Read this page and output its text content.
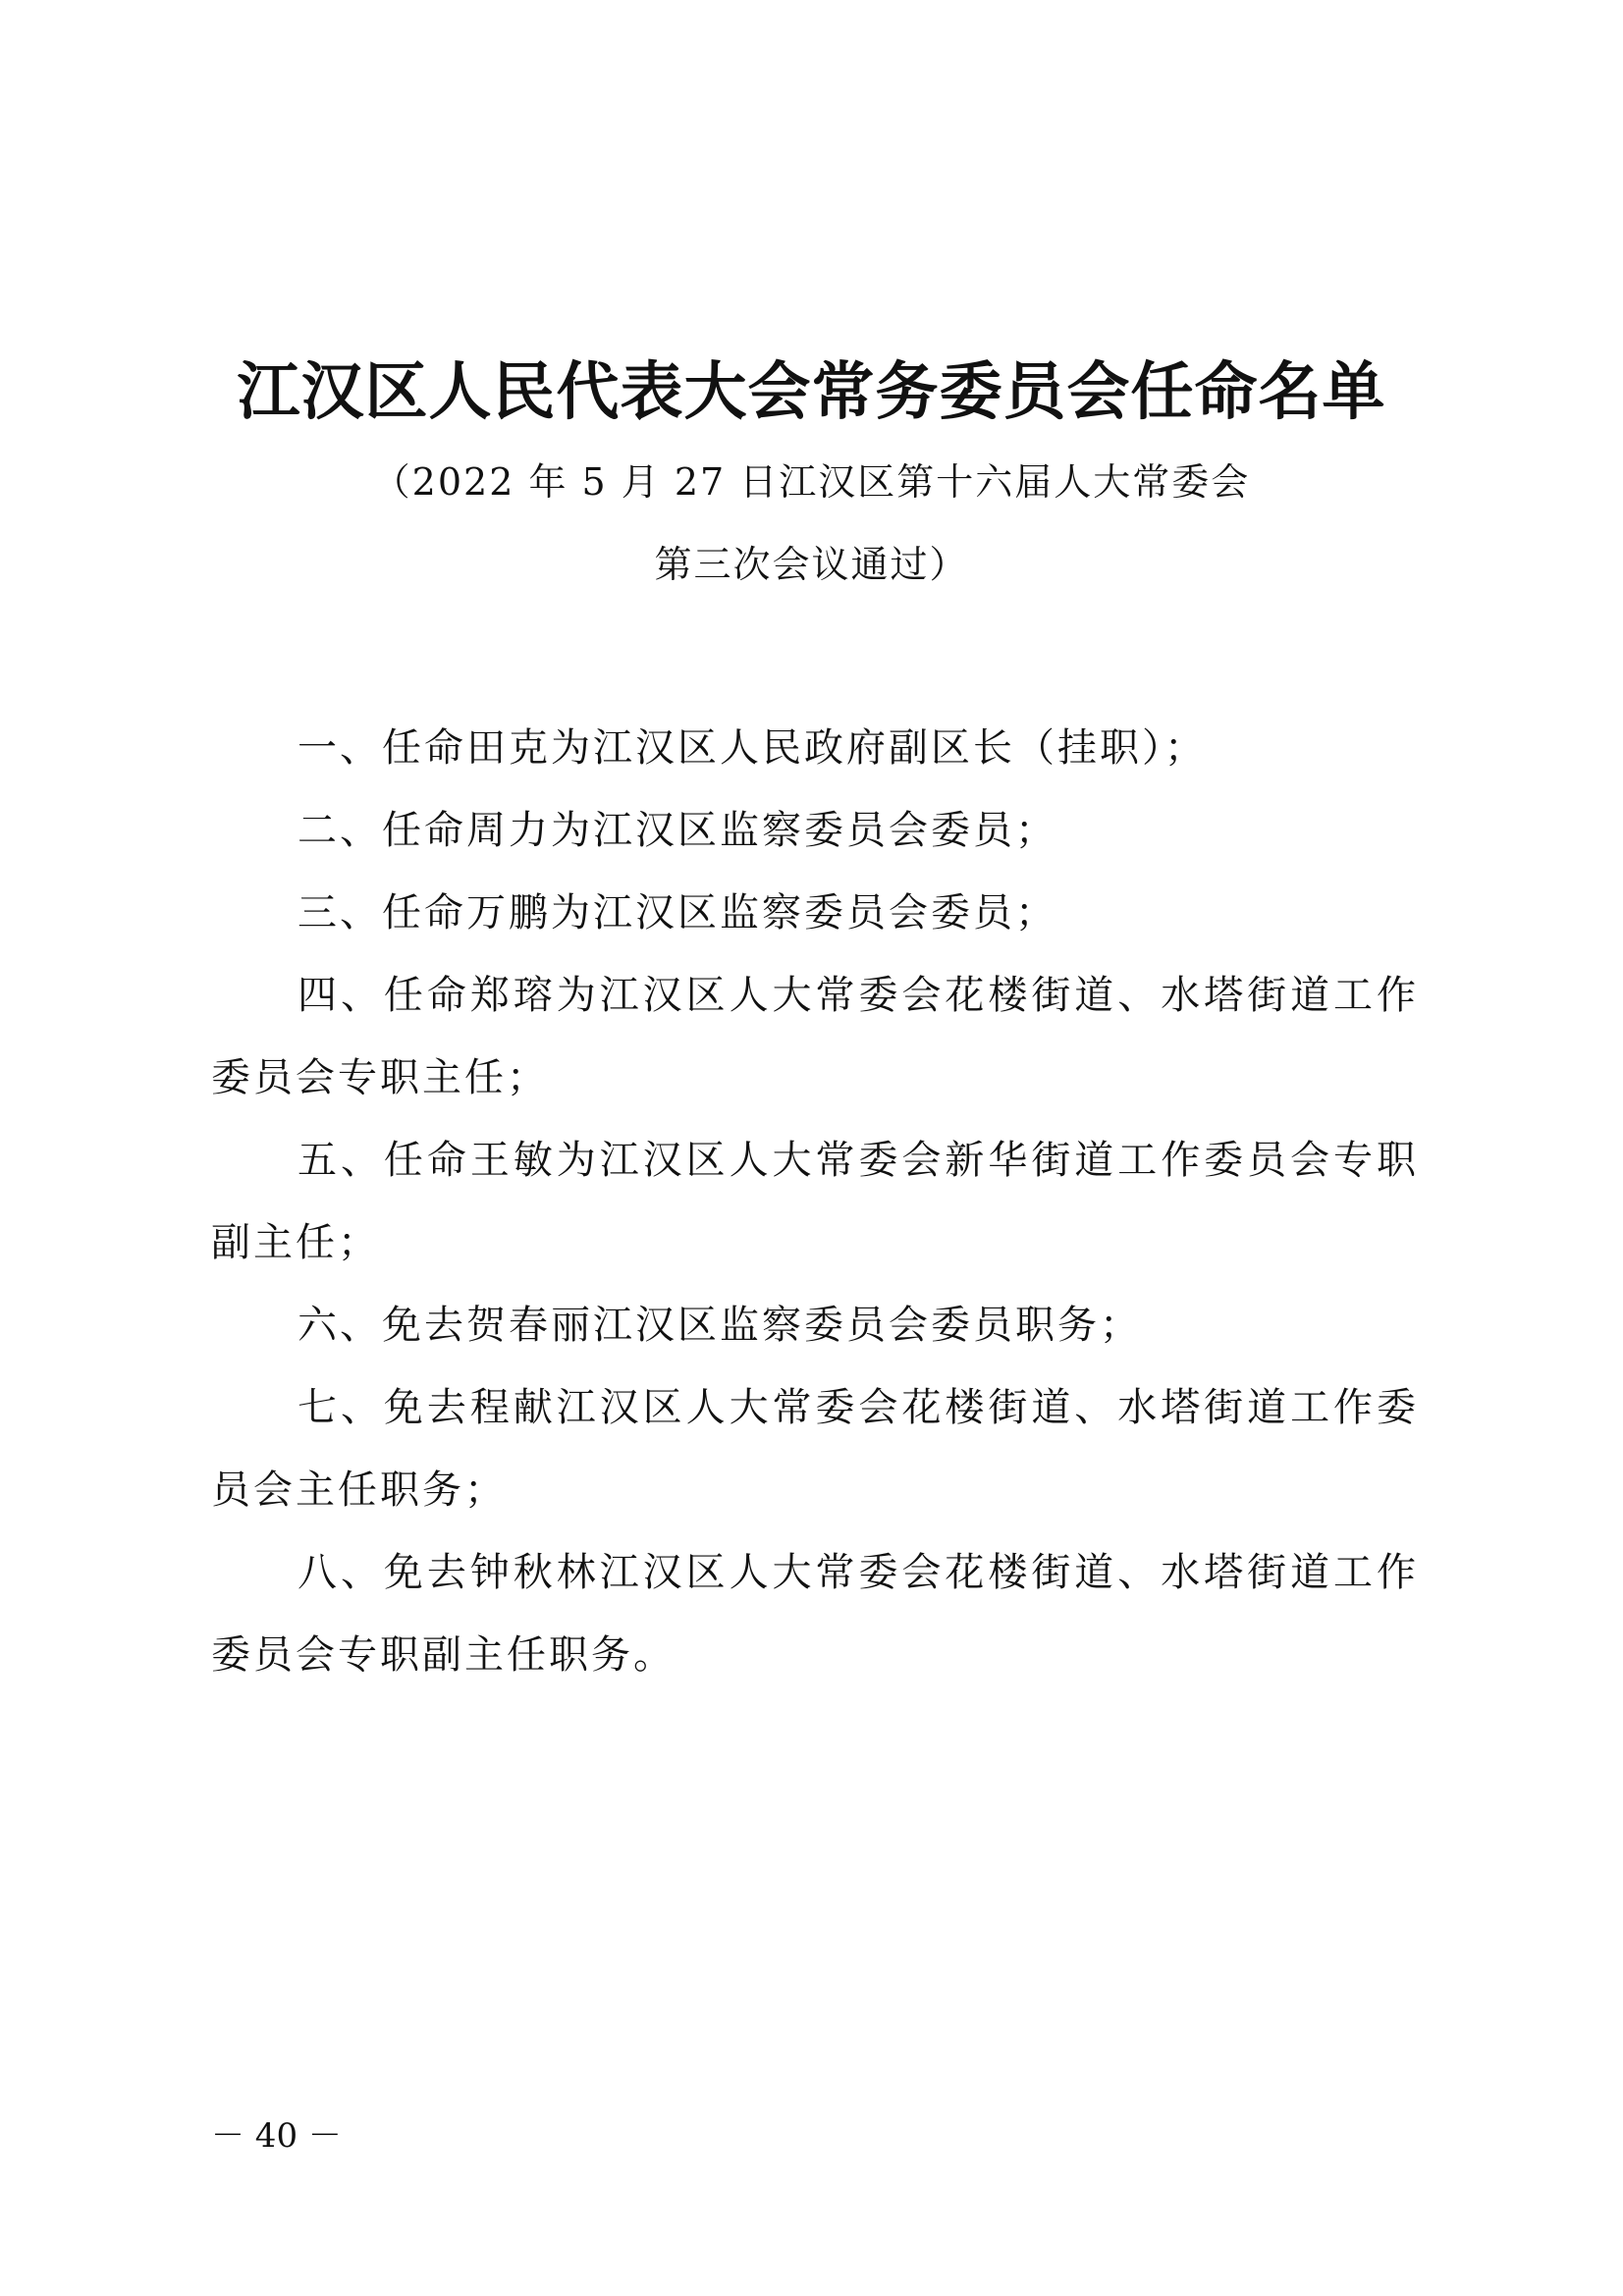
江汉区人民代表大会常务委员会任命名单
（2022 年 5 月 27 日江汉区第十六届人大常委会
第三次会议通过）

一、任命田克为江汉区人民政府副区长（挂职）；

二、任命周力为江汉区监察委员会委员；

三、任命万鹏为江汉区监察委员会委员；

四、任命郑瑢为江汉区人大常委会花楼街道、水塔街道工作委员会专职主任；

五、任命王敏为江汉区人大常委会新华街道工作委员会专职副主任；

六、免去贺春丽江汉区监察委员会委员职务；

七、免去程献江汉区人大常委会花楼街道、水塔街道工作委员会主任职务；

八、免去钟秋林江汉区人大常委会花楼街道、水塔街道工作委员会专职副主任职务。

－ 40 －
